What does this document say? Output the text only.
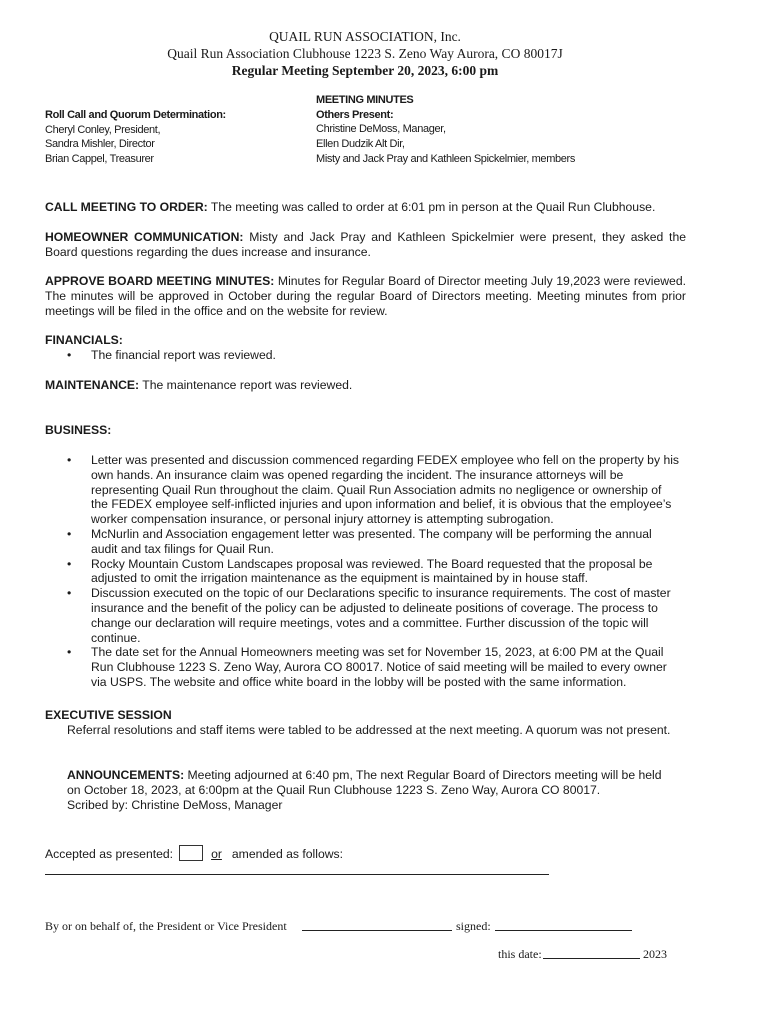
QUAIL RUN ASSOCIATION, Inc.
Quail Run Association Clubhouse 1223 S. Zeno Way Aurora, CO 80017J
Regular Meeting September 20, 2023, 6:00 pm
Roll Call and Quorum Determination:
Cheryl Conley, President,
Sandra Mishler, Director
Brian Cappel, Treasurer
MEETING MINUTES
Others Present:
Christine DeMoss, Manager,
Ellen Dudzik Alt Dir,
Misty and Jack Pray and Kathleen Spickelmier, members
CALL MEETING TO ORDER: The meeting was called to order at 6:01 pm in person at the Quail Run Clubhouse.
HOMEOWNER COMMUNICATION: Misty and Jack Pray and Kathleen Spickelmier were present, they asked the Board questions regarding the dues increase and insurance.
APPROVE BOARD MEETING MINUTES: Minutes for Regular Board of Director meeting July 19,2023 were reviewed. The minutes will be approved in October during the regular Board of Directors meeting. Meeting minutes from prior meetings will be filed in the office and on the website for review.
FINANCIALS:
• The financial report was reviewed.
MAINTENANCE: The maintenance report was reviewed.
BUSINESS:
• Letter was presented and discussion commenced regarding FEDEX employee who fell on the property by his own hands. An insurance claim was opened regarding the incident. The insurance attorneys will be representing Quail Run throughout the claim. Quail Run Association admits no negligence or ownership of the FEDEX employee self-inflicted injuries and upon information and belief, it is obvious that the employee’s worker compensation insurance, or personal injury attorney is attempting subrogation.
• McNurlin and Association engagement letter was presented. The company will be performing the annual audit and tax filings for Quail Run.
• Rocky Mountain Custom Landscapes proposal was reviewed. The Board requested that the proposal be adjusted to omit the irrigation maintenance as the equipment is maintained by in house staff.
• Discussion executed on the topic of our Declarations specific to insurance requirements. The cost of master insurance and the benefit of the policy can be adjusted to delineate positions of coverage. The process to change our declaration will require meetings, votes and a committee. Further discussion of the topic will continue.
• The date set for the Annual Homeowners meeting was set for November 15, 2023, at 6:00 PM at the Quail Run Clubhouse 1223 S. Zeno Way, Aurora CO 80017. Notice of said meeting will be mailed to every owner via USPS. The website and office white board in the lobby will be posted with the same information.
EXECUTIVE SESSION
Referral resolutions and staff items were tabled to be addressed at the next meeting. A quorum was not present.
ANNOUNCEMENTS: Meeting adjourned at 6:40 pm, The next Regular Board of Directors meeting will be held on October 18, 2023, at 6:00pm at the Quail Run Clubhouse 1223 S. Zeno Way, Aurora CO 80017.
Scribed by: Christine DeMoss, Manager
Accepted as presented:	or amended as follows:
By or on behalf of, the President or Vice President	signed:
this date:	2023
